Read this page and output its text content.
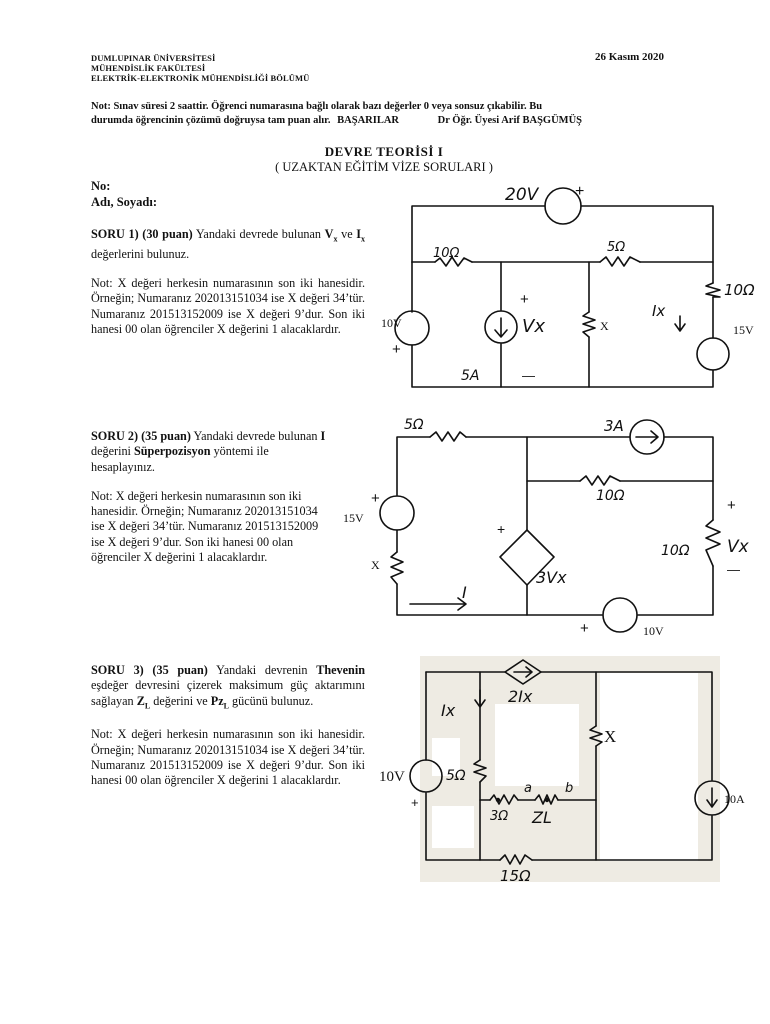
DUMLUPINAR ÜNİVERSİTESİ
MÜHENDİSLİK FAKÜLTESİ
ELEKTRİK-ELEKTRONİK MÜHENDİSLİĞİ BÖLÜMÜ
26 Kasım 2020
Not: Sınav süresi 2 saattir. Öğrenci numarasına bağlı olarak bazı değerler 0 veya sonsuz çıkabilir. Bu
durumda öğrencinin çözümü doğruysa tam puan alır. BAŞARILAR	Dr Öğr. Üyesi Arif BAŞGÜMÜŞ
DEVRE TEORİSİ I
( UZAKTAN EĞİTİM VİZE SORULARI )
No:
Adı, Soyadı:
SORU 1) (30 puan) Yandaki devrede bulunan $V_x$ ve $I_x$ değerlerini bulunuz.
Not: X değeri herkesin numarasının son iki hanesidir. Örneğin; Numaranız 202013151034 ise X değeri 34’tür. Numaranız 201513152009 ise X değeri 9’dur. Son iki hanesi 00 olan öğrenciler X değerini 1 alacaklardır.
SORU 2) (35 puan) Yandaki devrede bulunan I değerini Süperpozisyon yöntemi ile hesaplayınız.
Not: X değeri herkesin numarasının son iki hanesidir. Örneğin; Numaranız 202013151034 ise X değeri 34’tür. Numaranız 201513152009 ise X değeri 9’dur. Son iki hanesi 00 olan öğrenciler X değerini 1 alacaklardır.
SORU 3) (35 puan) Yandaki devrenin Thevenin eşdeğer devresini çizerek maksimum güç aktarımını sağlayan $Z_L$ değerini ve $Pz_L$ gücünü bulunuz.
Not: X değeri herkesin numarasının son iki hanesidir. Örneğin; Numaranız 202013151034 ise X değeri 34’tür. Numaranız 201513152009 ise X değeri 9’dur. Son iki hanesi 00 olan öğrenciler X değerini 1 alacaklardır.
20V +
10Ω	5Ω
10Ω
10V
+
5A
+
Vx
—
X
Ix
15V
5Ω	3A
10Ω
+
15V
X
+
3Vx
10Ω
+
Vx
—
I
+	10V
Ix
2Ix
X
10V
+
5Ω
a	b
3Ω ZL
10A
15Ω
